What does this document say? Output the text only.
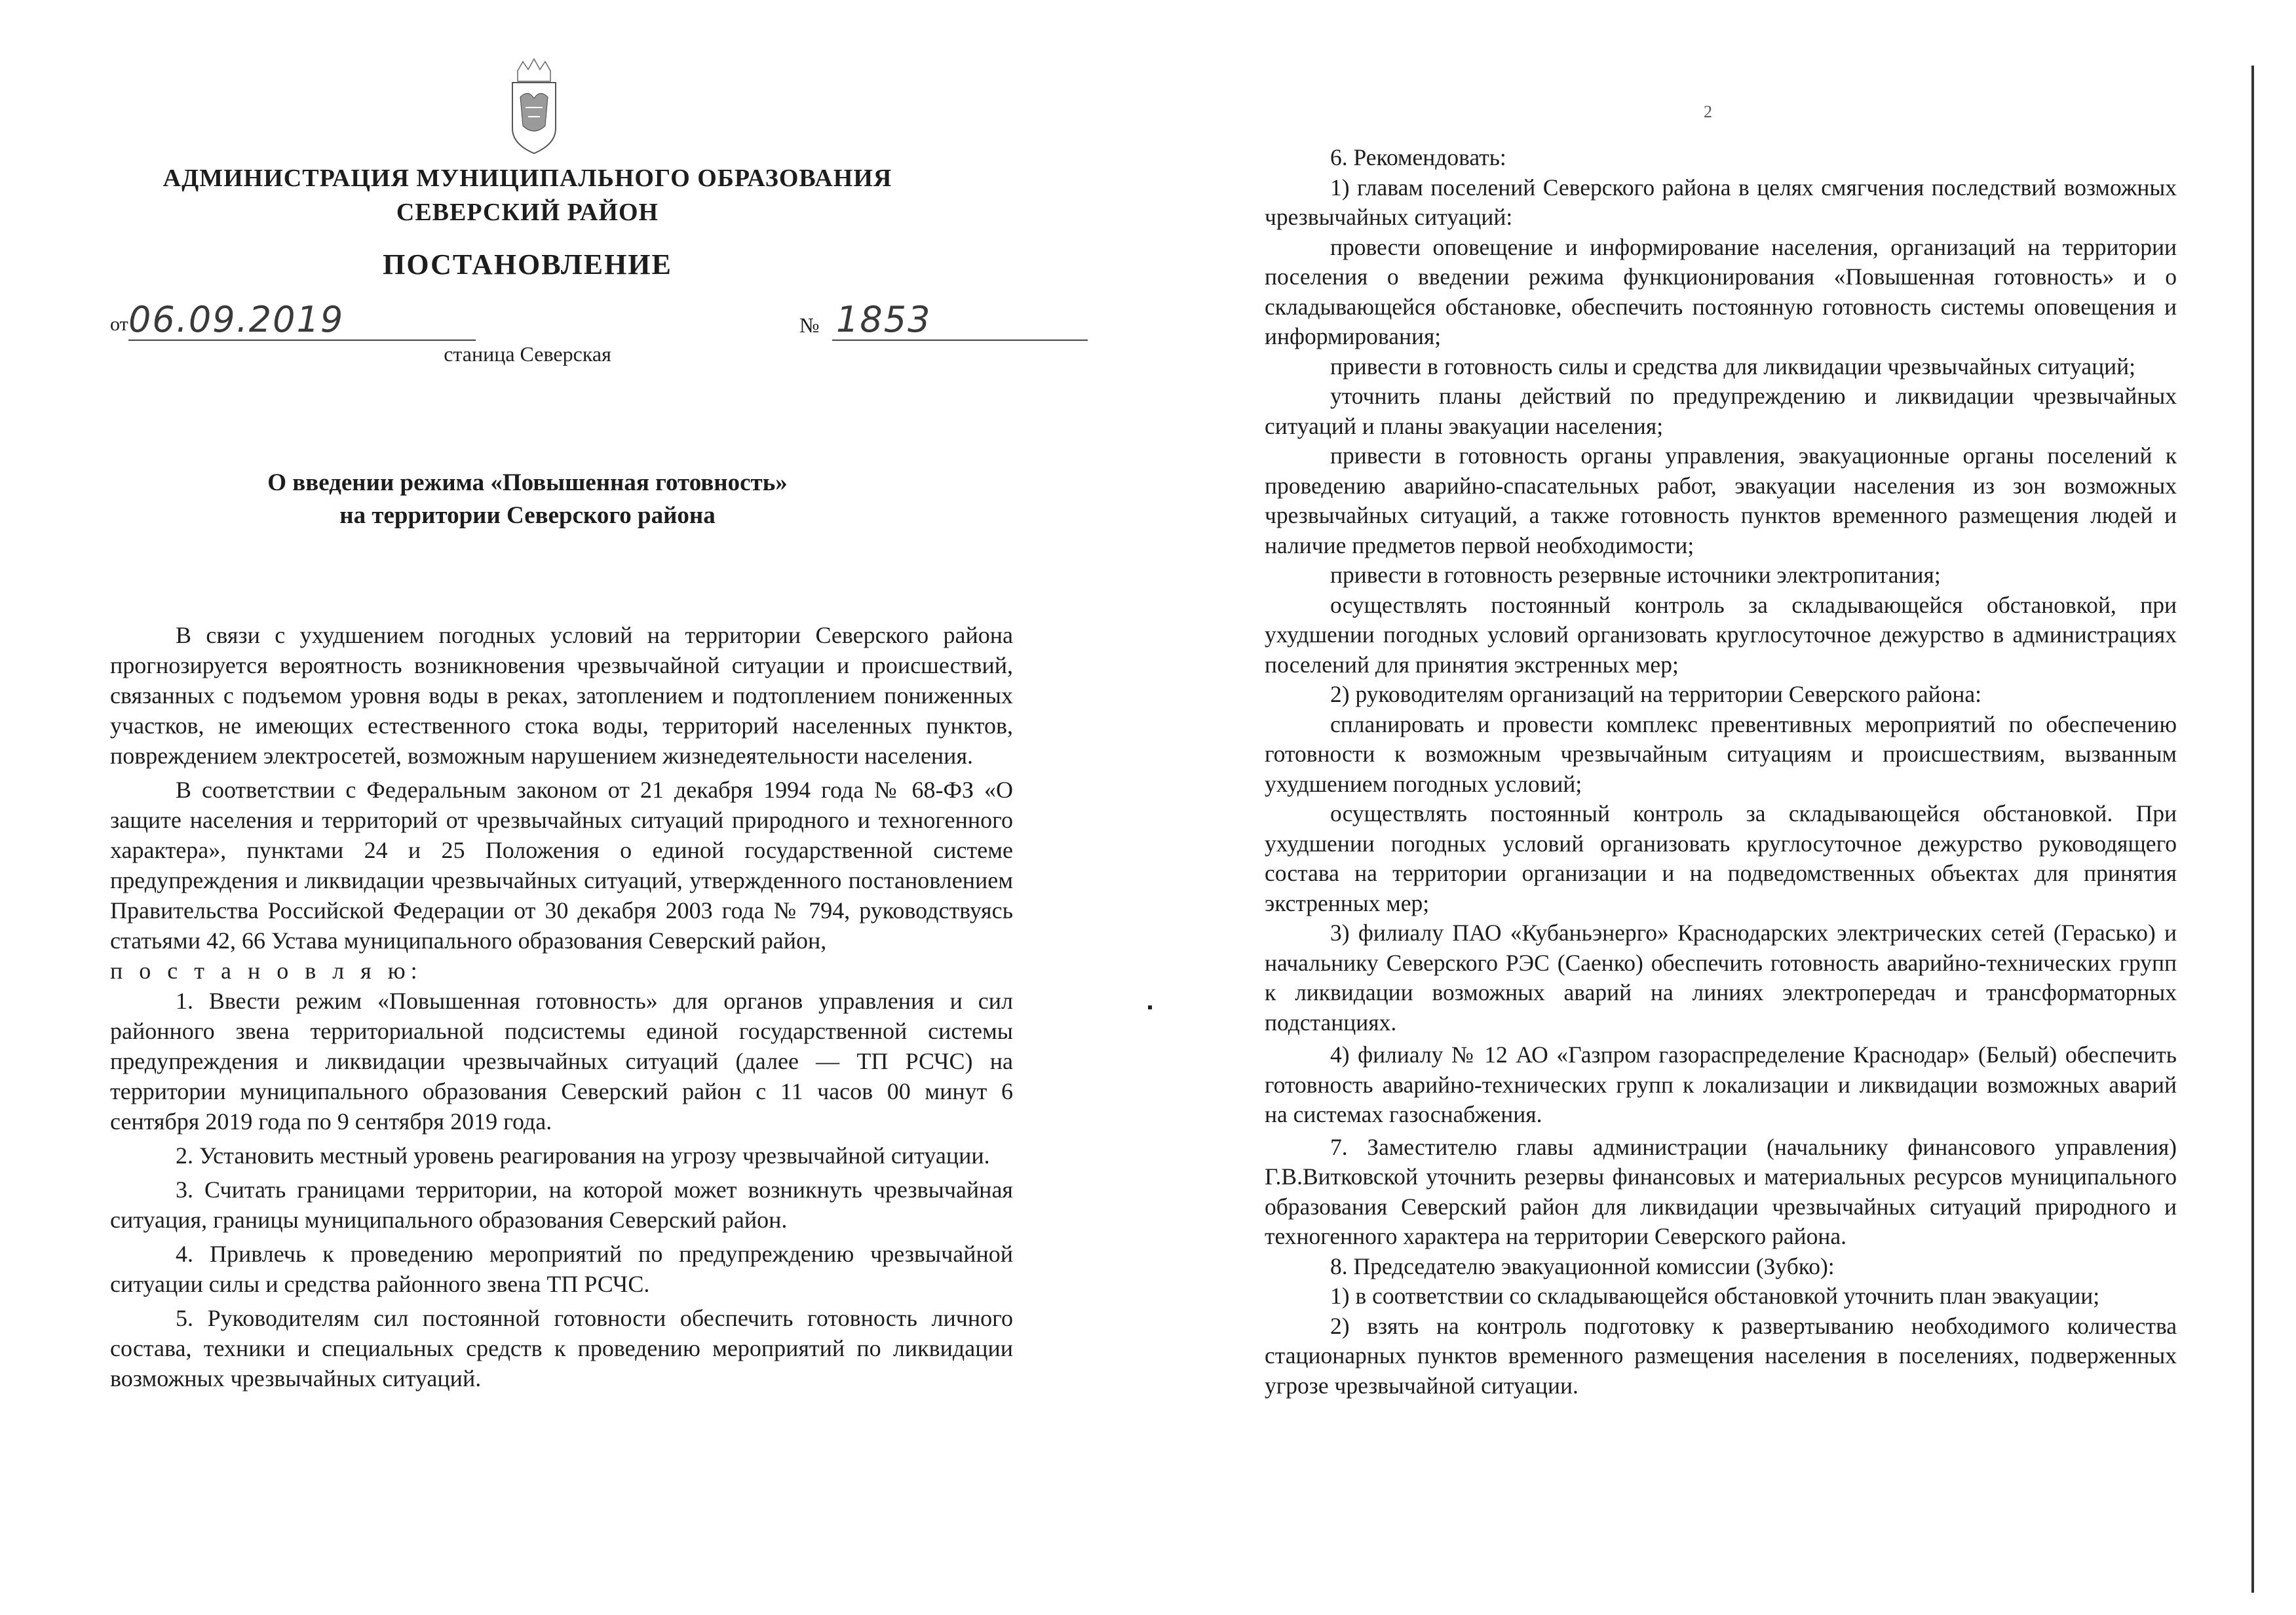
АДМИНИСТРАЦИЯ МУНИЦИПАЛЬНОГО ОБРАЗОВАНИЯ
СЕВЕРСКИЙ РАЙОН
ПОСТАНОВЛЕНИЕ
от 06.09.2019	№ 1853
станица Северская
О введении режима «Повышенная готовность»
на территории Северского района

В связи с ухудшением погодных условий на территории Северского района прогнозируется вероятность возникновения чрезвычайной ситуации и происшествий, связанных с подъемом уровня воды в реках, затоплением и подтоплением пониженных участков, не имеющих естественного стока воды, территорий населенных пунктов, повреждением электросетей, возможным нарушением жизнедеятельности населения.

В соответствии с Федеральным законом от 21 декабря 1994 года № 68-ФЗ «О защите населения и территорий от чрезвычайных ситуаций природного и техногенного характера», пунктами 24 и 25 Положения о единой государственной системе предупреждения и ликвидации чрезвычайных ситуаций, утвержденного постановлением Правительства Российской Федерации от 30 декабря 2003 года № 794, руководствуясь статьями 42, 66 Устава муниципального образования Северский район,

п о с т а н о в л я ю:

1. Ввести режим «Повышенная готовность» для органов управления и сил районного звена территориальной подсистемы единой государственной системы предупреждения и ликвидации чрезвычайных ситуаций (далее — ТП РСЧС) на территории муниципального образования Северский район с 11 часов 00 минут 6 сентября 2019 года по 9 сентября 2019 года.

2. Установить местный уровень реагирования на угрозу чрезвычайной ситуации.

3. Считать границами территории, на которой может возникнуть чрезвычайная ситуация, границы муниципального образования Северский район.

4. Привлечь к проведению мероприятий по предупреждению чрезвычайной ситуации силы и средства районного звена ТП РСЧС.

5. Руководителям сил постоянной готовности обеспечить готовность личного состава, техники и специальных средств к проведению мероприятий по ликвидации возможных чрезвычайных ситуаций.

2

6. Рекомендовать:

1) главам поселений Северского района в целях смягчения последствий возможных чрезвычайных ситуаций:

провести оповещение и информирование населения, организаций на территории поселения о введении режима функционирования «Повышенная готовность» и о складывающейся обстановке, обеспечить постоянную готовность системы оповещения и информирования;

привести в готовность силы и средства для ликвидации чрезвычайных ситуаций;

уточнить планы действий по предупреждению и ликвидации чрезвычайных ситуаций и планы эвакуации населения;

привести в готовность органы управления, эвакуационные органы поселений к проведению аварийно-спасательных работ, эвакуации населения из зон возможных чрезвычайных ситуаций, а также готовность пунктов временного размещения людей и наличие предметов первой необходимости;

привести в готовность резервные источники электропитания;

осуществлять постоянный контроль за складывающейся обстановкой, при ухудшении погодных условий организовать круглосуточное дежурство в администрациях поселений для принятия экстренных мер;

2) руководителям организаций на территории Северского района:

спланировать и провести комплекс превентивных мероприятий по обеспечению готовности к возможным чрезвычайным ситуациям и происшествиям, вызванным ухудшением погодных условий;

осуществлять постоянный контроль за складывающейся обстановкой. При ухудшении погодных условий организовать круглосуточное дежурство руководящего состава на территории организации и на подведомственных объектах для принятия экстренных мер;

3) филиалу ПАО «Кубаньэнерго» Краснодарских электрических сетей (Герасько) и начальнику Северского РЭС (Саенко) обеспечить готовность аварийно-технических групп к ликвидации возможных аварий на линиях электропередач и трансформаторных подстанциях.

4) филиалу № 12 АО «Газпром газораспределение Краснодар» (Белый) обеспечить готовность аварийно-технических групп к локализации и ликвидации возможных аварий на системах газоснабжения.

7. Заместителю главы администрации (начальнику финансового управления) Г.В.Витковской уточнить резервы финансовых и материальных ресурсов муниципального образования Северский район для ликвидации чрезвычайных ситуаций природного и техногенного характера на территории Северского района.

8. Председателю эвакуационной комиссии (Зубко):

1) в соответствии со складывающейся обстановкой уточнить план эвакуации;

2) взять на контроль подготовку к развертыванию необходимого количества стационарных пунктов временного размещения населения в поселениях, подверженных угрозе чрезвычайной ситуации.
